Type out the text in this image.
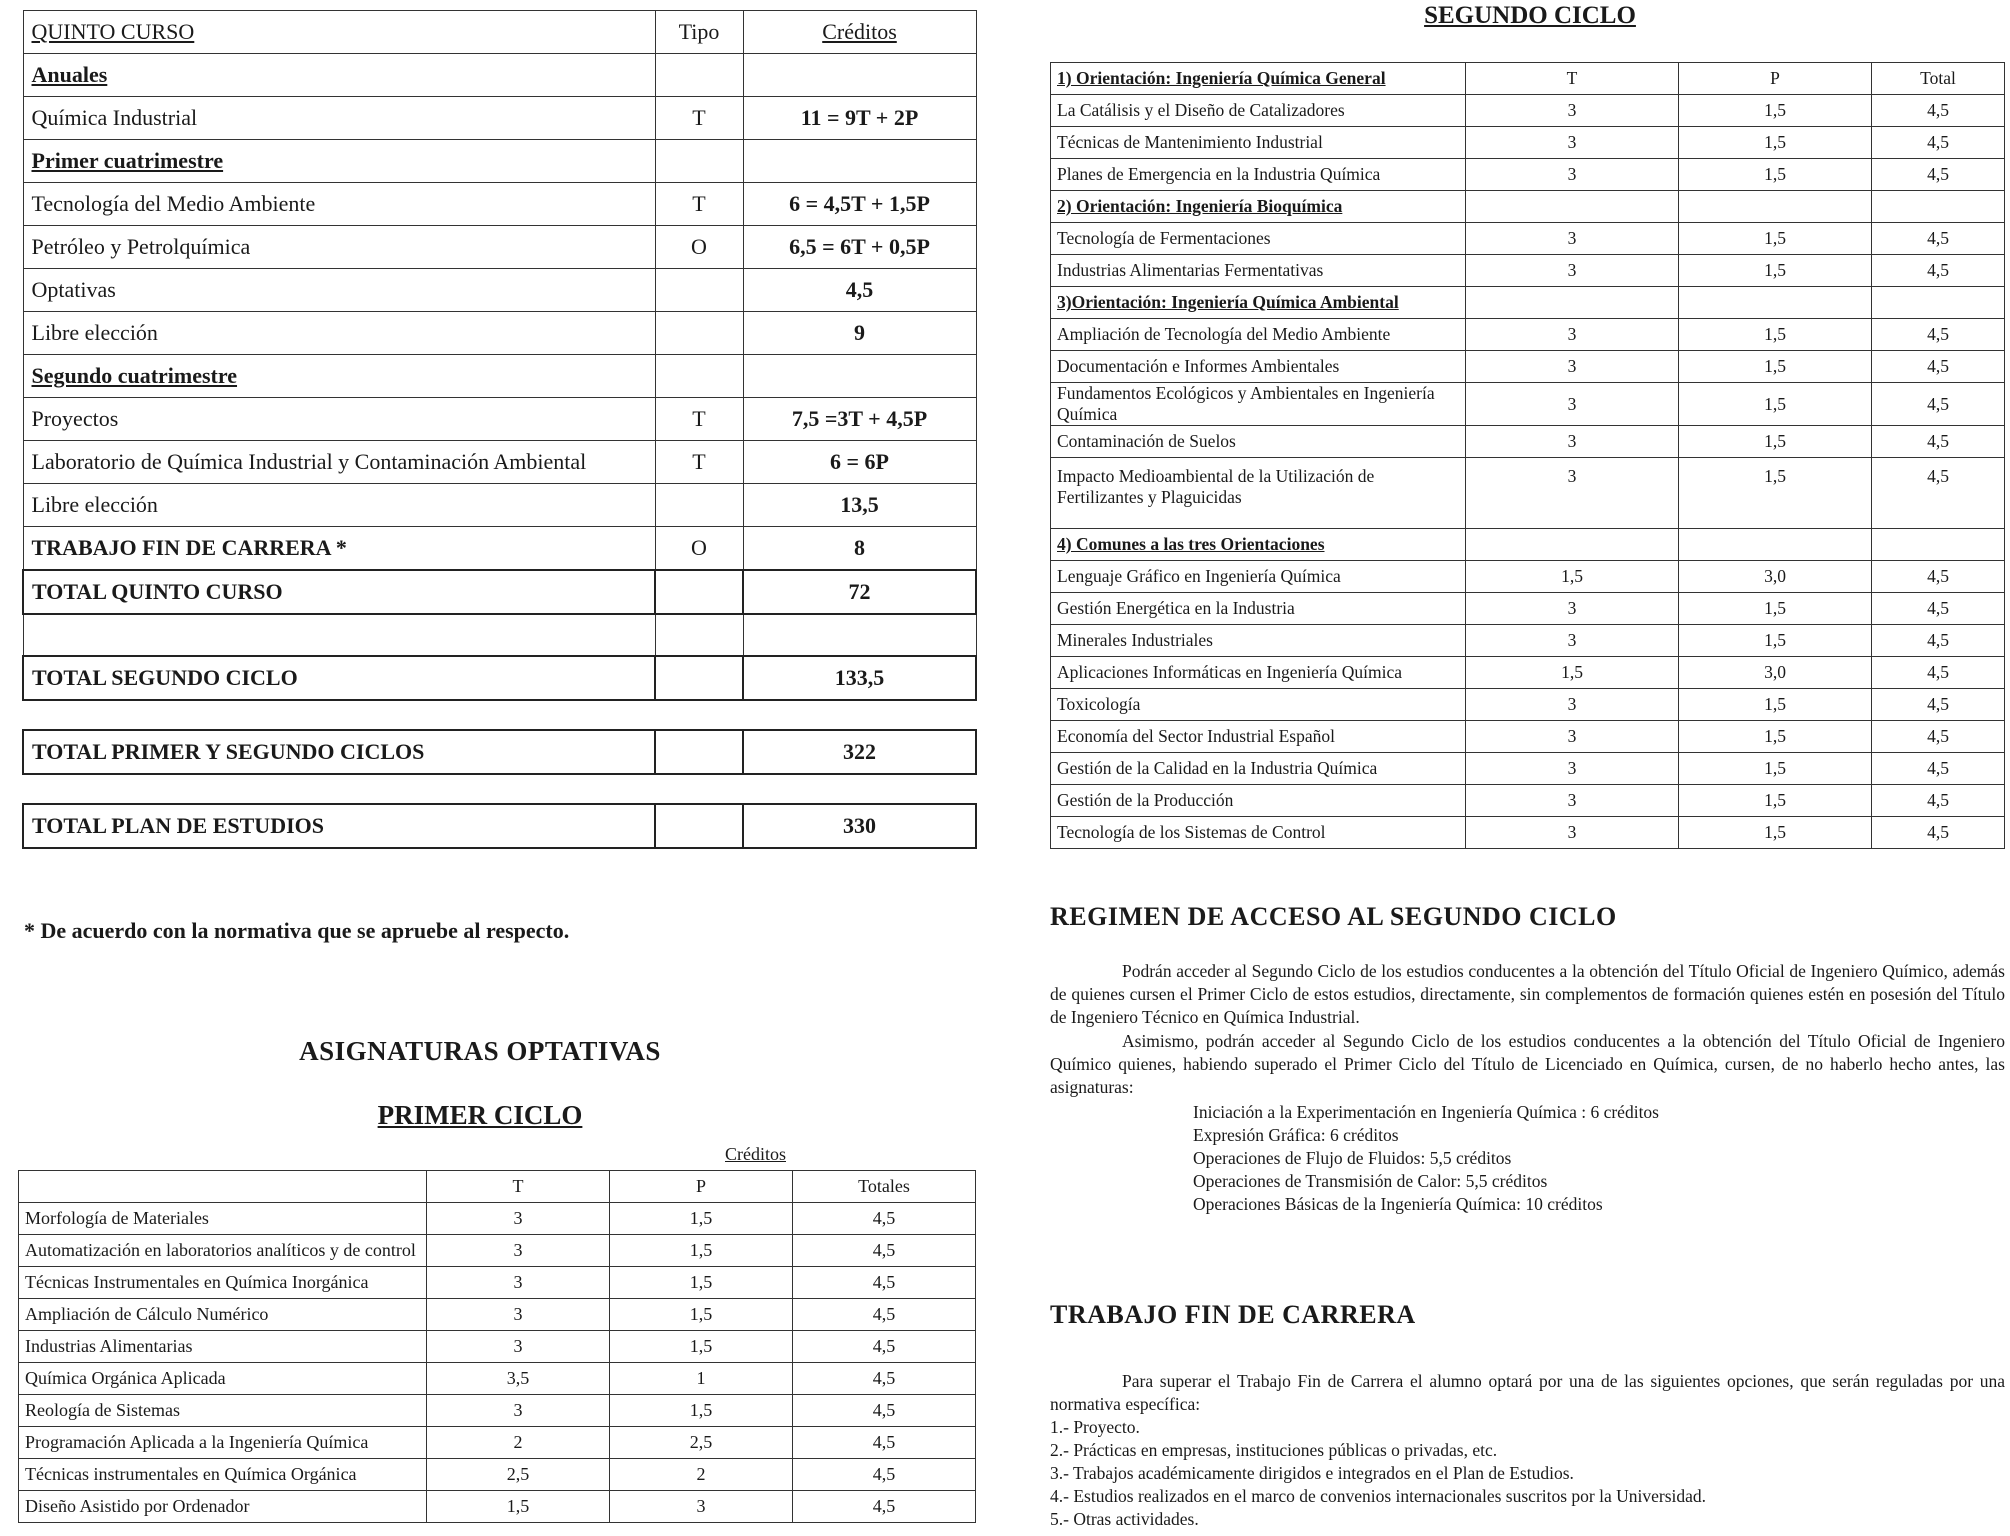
QUINTO CURSO	Tipo	Créditos
Anuales		
Química Industrial	T	11 = 9T + 2P
Primer cuatrimestre		
Tecnología del Medio Ambiente	T	6 = 4,5T + 1,5P
Petróleo y Petrolquímica	O	6,5 = 6T + 0,5P
Optativas		4,5
Libre elección		9
Segundo cuatrimestre		
Proyectos	T	7,5 =3T + 4,5P
Laboratorio de Química Industrial y Contaminación Ambiental	T	6 = 6P
Libre elección		13,5
TRABAJO FIN DE CARRERA *	O	8
TOTAL QUINTO CURSO		72

TOTAL SEGUNDO CICLO		133,5

TOTAL PRIMER Y SEGUNDO CICLOS		322

TOTAL PLAN DE ESTUDIOS		330
* De acuerdo con la normativa que se apruebe al respecto.
ASIGNATURAS OPTATIVAS
PRIMER CICLO
Créditos
	T	P	Totales
Morfología de Materiales	3	1,5	4,5
Automatización en laboratorios analíticos y de control	3	1,5	4,5
Técnicas Instrumentales en Química Inorgánica	3	1,5	4,5
Ampliación de Cálculo Numérico	3	1,5	4,5
Industrias Alimentarias	3	1,5	4,5
Química Orgánica Aplicada	3,5	1	4,5
Reología de Sistemas	3	1,5	4,5
Programación Aplicada a la Ingeniería Química	2	2,5	4,5
Técnicas instrumentales en Química Orgánica	2,5	2	4,5
Diseño Asistido por Ordenador	1,5	3	4,5
SEGUNDO CICLO
1) Orientación: Ingeniería Química General	T	P	Total
La Catálisis y el Diseño de Catalizadores	3	1,5	4,5
Técnicas de Mantenimiento Industrial	3	1,5	4,5
Planes de Emergencia en la Industria Química	3	1,5	4,5
2) Orientación: Ingeniería Bioquímica			
Tecnología de Fermentaciones	3	1,5	4,5
Industrias Alimentarias Fermentativas	3	1,5	4,5
3)Orientación: Ingeniería Química Ambiental			
Ampliación de Tecnología del Medio Ambiente	3	1,5	4,5
Documentación e Informes Ambientales	3	1,5	4,5
Fundamentos Ecológicos y Ambientales en Ingeniería Química	3	1,5	4,5
Contaminación de Suelos	3	1,5	4,5
Impacto Medioambiental de la Utilización de Fertilizantes y Plaguicidas	3	1,5	4,5
4) Comunes a las tres Orientaciones			
Lenguaje Gráfico en Ingeniería Química	1,5	3,0	4,5
Gestión Energética en la Industria	3	1,5	4,5
Minerales Industriales	3	1,5	4,5
Aplicaciones Informáticas en Ingeniería Química	1,5	3,0	4,5
Toxicología	3	1,5	4,5
Economía del Sector Industrial Español	3	1,5	4,5
Gestión de la Calidad en la Industria Química	3	1,5	4,5
Gestión de la Producción	3	1,5	4,5
Tecnología de los Sistemas de Control	3	1,5	4,5
REGIMEN DE ACCESO AL SEGUNDO CICLO
Podrán acceder al Segundo Ciclo de los estudios conducentes a la obtención del Título Oficial de Ingeniero Químico, además de quienes cursen el Primer Ciclo de estos estudios, directamente, sin complementos de formación quienes estén en posesión del Título de Ingeniero Técnico en Química Industrial.
Asimismo, podrán acceder al Segundo Ciclo de los estudios conducentes a la obtención del Título Oficial de Ingeniero Químico quienes, habiendo superado el Primer Ciclo del Título de Licenciado en Química, cursen, de no haberlo hecho antes, las asignaturas:
Iniciación a la Experimentación en Ingeniería Química : 6 créditos
Expresión Gráfica: 6 créditos
Operaciones de Flujo de Fluidos: 5,5 créditos
Operaciones de Transmisión de Calor: 5,5 créditos
Operaciones Básicas de la Ingeniería Química: 10 créditos
TRABAJO FIN DE CARRERA
Para superar el Trabajo Fin de Carrera el alumno optará por una de las siguientes opciones, que serán reguladas por una normativa específica:
1.- Proyecto.
2.- Prácticas en empresas, instituciones públicas o privadas, etc.
3.- Trabajos académicamente dirigidos e integrados en el Plan de Estudios.
4.- Estudios realizados en el marco de convenios internacionales suscritos por la Universidad.
5.- Otras actividades.
